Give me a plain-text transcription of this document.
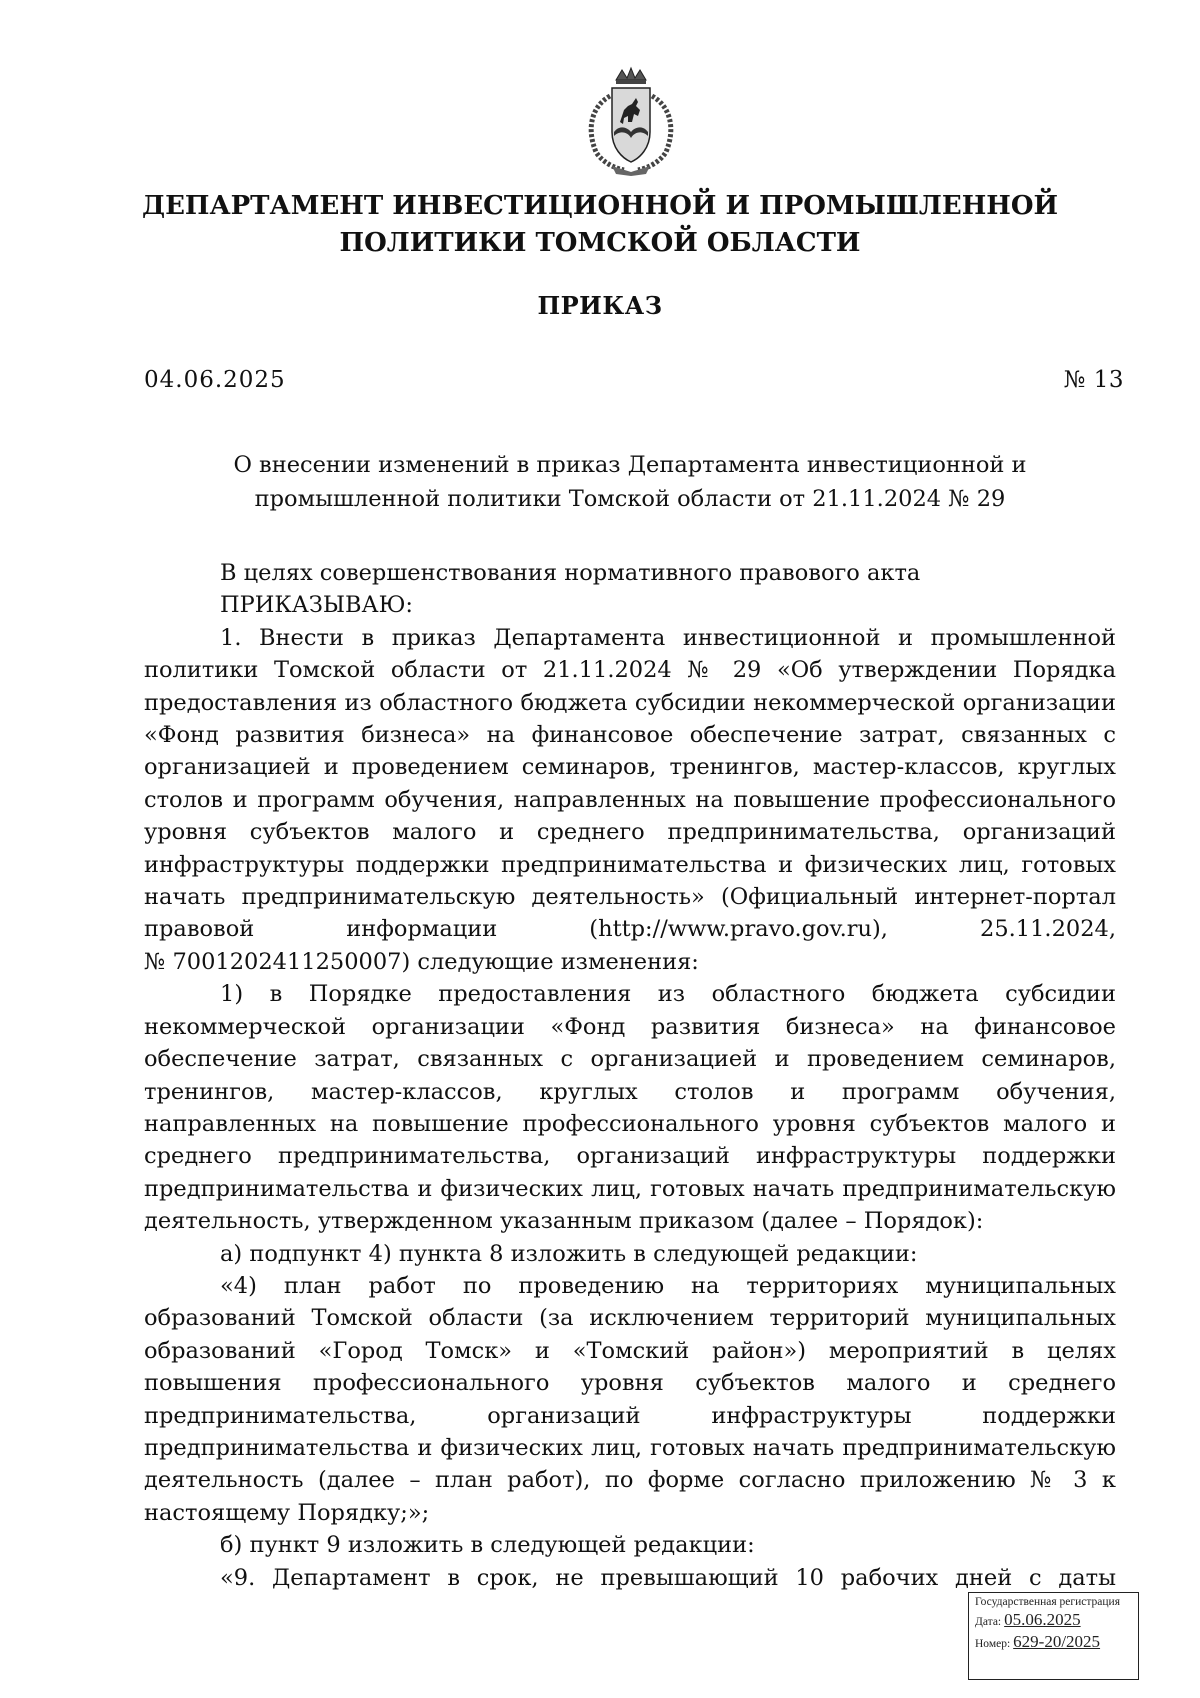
ДЕПАРТАМЕНТ ИНВЕСТИЦИОННОЙ И ПРОМЫШЛЕННОЙ
ПОЛИТИКИ ТОМСКОЙ ОБЛАСТИ
ПРИКАЗ
04.06.2025	№ 13
О внесении изменений в приказ Департамента инвестиционной и
промышленной политики Томской области от 21.11.2024 № 29

В целях совершенствования нормативного правового акта

ПРИКАЗЫВАЮ:

1. Внести в приказ Департамента инвестиционной и промышленной политики Томской области от 21.11.2024 № 29 «Об утверждении Порядка предоставления из областного бюджета субсидии некоммерческой организации «Фонд развития бизнеса» на финансовое обеспечение затрат, связанных с организацией и проведением семинаров, тренингов, мастер-классов, круглых столов и программ обучения, направленных на повышение профессионального уровня субъектов малого и среднего предпринимательства, организаций инфраструктуры поддержки предпринимательства и физических лиц, готовых начать предпринимательскую деятельность» (Официальный интернет-портал правовой информации (http://www.pravo.gov.ru), 25.11.2024,

№ 7001202411250007) следующие изменения:

1) в Порядке предоставления из областного бюджета субсидии некоммерческой организации «Фонд развития бизнеса» на финансовое обеспечение затрат, связанных с организацией и проведением семинаров, тренингов, мастер-классов, круглых столов и программ обучения, направленных на повышение профессионального уровня субъектов малого и среднего предпринимательства, организаций инфраструктуры поддержки предпринимательства и физических лиц, готовых начать предпринимательскую деятельность, утвержденном указанным приказом (далее – Порядок):

а) подпункт 4) пункта 8 изложить в следующей редакции:

«4) план работ по проведению на территориях муниципальных образований Томской области (за исключением территорий муниципальных образований «Город Томск» и «Томский район») мероприятий в целях повышения профессионального уровня субъектов малого и среднего предпринимательства, организаций инфраструктуры поддержки предпринимательства и физических лиц, готовых начать предпринимательскую деятельность (далее – план работ), по форме согласно приложению № 3 к настоящему Порядку;»;

б) пункт 9 изложить в следующей редакции:

«9. Департамент в срок, не превышающий 10 рабочих дней с даты

Государственная регистрация
Дата: 05.06.2025
Номер: 629-20/2025
